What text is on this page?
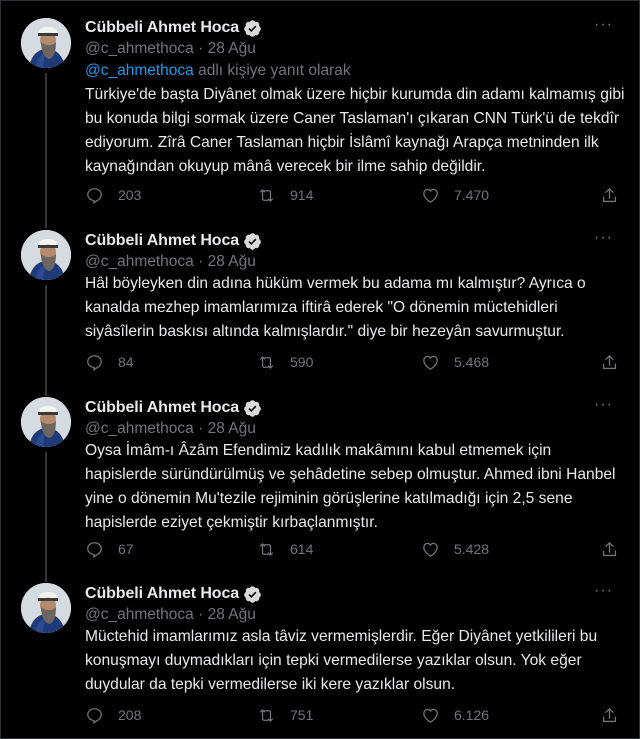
Cübbeli Ahmet Hoca	···
@c_ahmethoca · 28 Ağu
@c_ahmethoca adlı kişiye yanıt olarak
Türkiye'de başta Diyânet olmak üzere hiçbir kurumda din adamı kalmamış gibi bu konuda bilgi sormak üzere Caner Taslaman'ı çıkaran CNN Türk'ü de tekdîr ediyorum. Zîrâ Caner Taslaman hiçbir İslâmî kaynağı Arapça metninden ilk kaynağından okuyup mânâ verecek bir ilme sahip değildir.
203	914	7.470
Cübbeli Ahmet Hoca	···
@c_ahmethoca · 28 Ağu
Hâl böyleyken din adına hüküm vermek bu adama mı kalmıştır? Ayrıca o kanalda mezhep imamlarımıza iftirâ ederek "O dönemin müctehidleri siyâsîlerin baskısı altında kalmışlardır." diye bir hezeyân savurmuştur.
84	590	5.468
Cübbeli Ahmet Hoca	···
@c_ahmethoca · 28 Ağu
Oysa İmâm-ı Âzâm Efendimiz kadılık makâmını kabul etmemek için hapislerde süründürülmüş ve şehâdetine sebep olmuştur. Ahmed ibni Hanbel yine o dönemin Mu'tezile rejiminin görüşlerine katılmadığı için 2,5 sene hapislerde eziyet çekmiştir kırbaçlanmıştır.
67	614	5.428
Cübbeli Ahmet Hoca	···
@c_ahmethoca · 28 Ağu
Müctehid imamlarımız asla tâviz vermemişlerdir. Eğer Diyânet yetkilileri bu konuşmayı duymadıkları için tepki vermedilerse yazıklar olsun. Yok eğer duydular da tepki vermedilerse iki kere yazıklar olsun.
208	751	6.126
